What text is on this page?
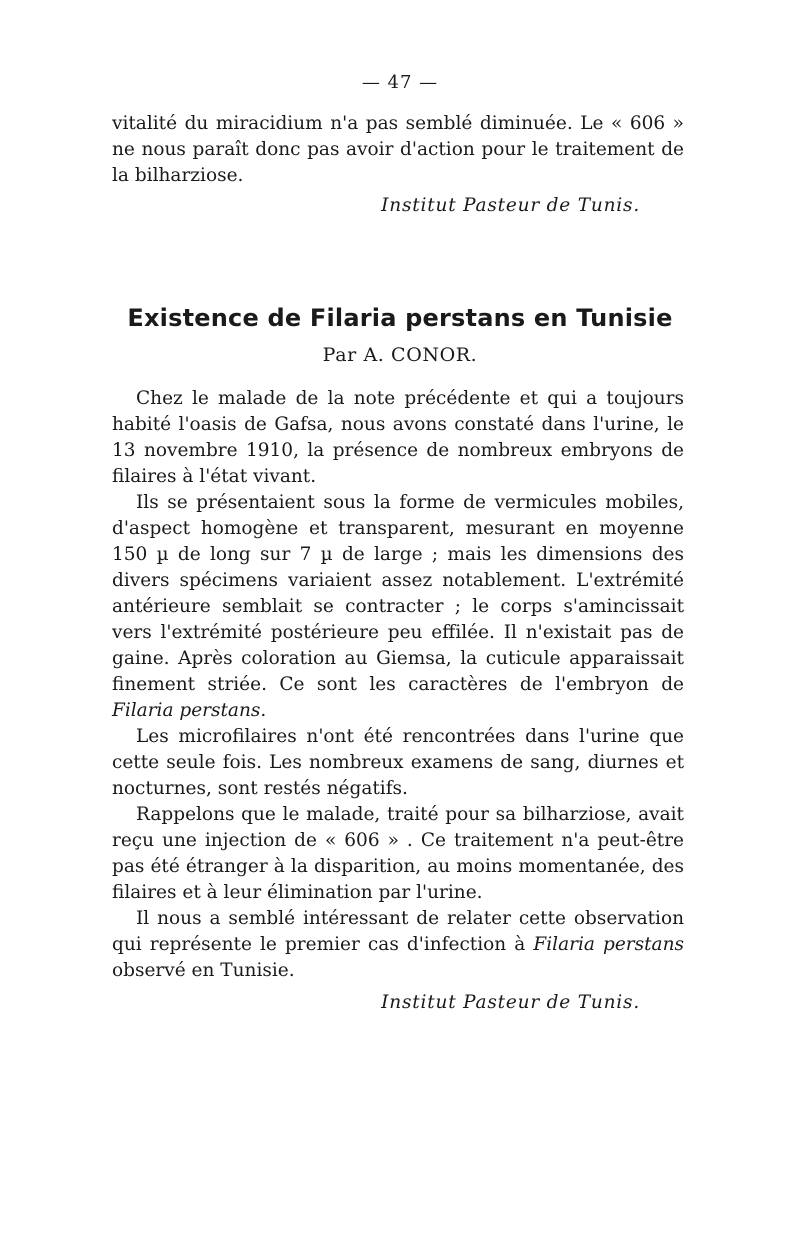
— 47 —

vitalité du miracidium n'a pas semblé diminuée. Le « 606 » ne nous paraît donc pas avoir d'action pour le traitement de la bilharziose.

Institut Pasteur de Tunis.

Existence de Filaria perstans en Tunisie
Par A. CONOR.

Chez le malade de la note précédente et qui a toujours habité l'oasis de Gafsa, nous avons constaté dans l'urine, le 13 novembre 1910, la présence de nombreux embryons de filaires à l'état vivant.

Ils se présentaient sous la forme de vermicules mobiles, d'aspect homogène et transparent, mesurant en moyenne 150 µ de long sur 7 µ de large ; mais les dimensions des divers spécimens variaient assez notablement. L'extrémité antérieure semblait se contracter ; le corps s'amincissait vers l'extrémité postérieure peu effilée. Il n'existait pas de gaine. Après coloration au Giemsa, la cuticule apparaissait finement striée. Ce sont les caractères de l'embryon de Filaria perstans.

Les microfilaires n'ont été rencontrées dans l'urine que cette seule fois. Les nombreux examens de sang, diurnes et nocturnes, sont restés négatifs.

Rappelons que le malade, traité pour sa bilharziose, avait reçu une injection de « 606 » . Ce traitement n'a peut-être pas été étranger à la disparition, au moins momentanée, des filaires et à leur élimination par l'urine.

Il nous a semblé intéressant de relater cette observation qui représente le premier cas d'infection à Filaria perstans observé en Tunisie.

Institut Pasteur de Tunis.
